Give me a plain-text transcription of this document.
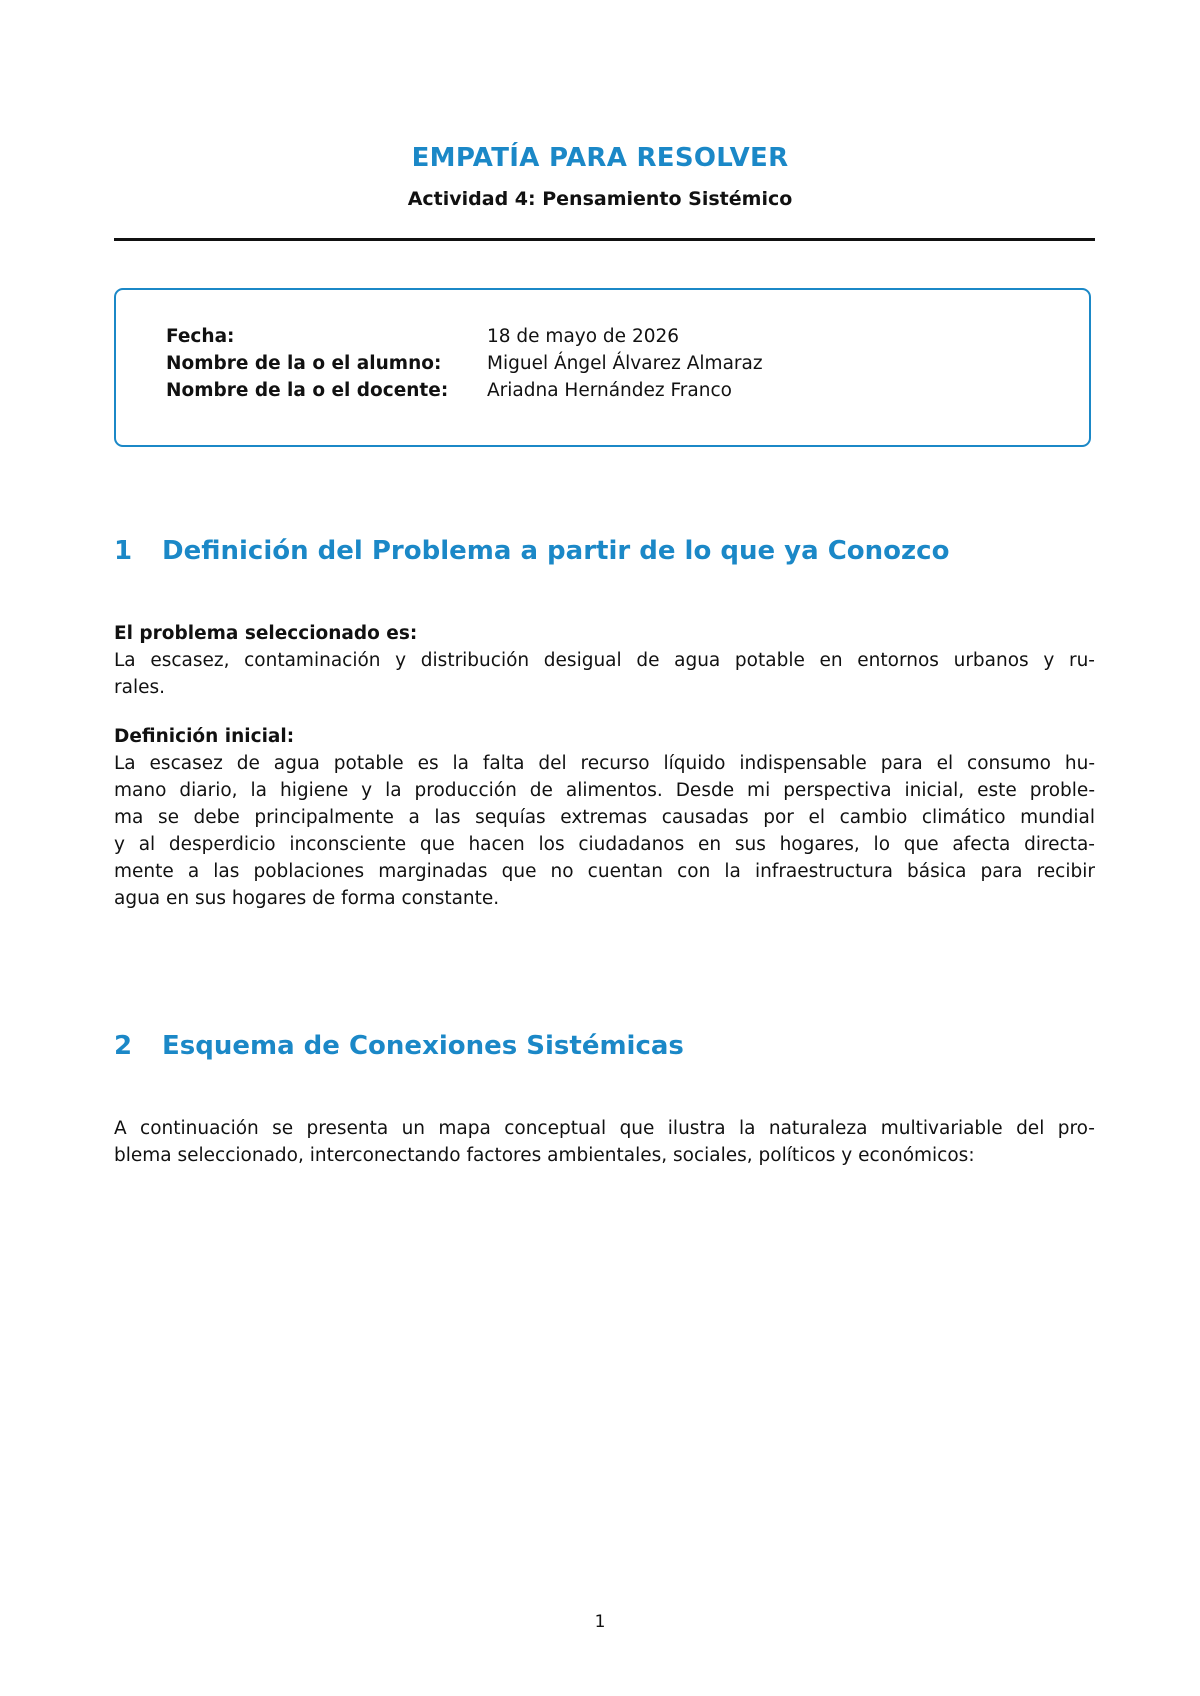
EMPATÍA PARA RESOLVER
Actividad 4: Pensamiento Sistémico
Fecha:	18 de mayo de 2026
Nombre de la o el alumno: Miguel Ángel Álvarez Almaraz
Nombre de la o el docente: Ariadna Hernández Franco
1 Definición del Problema a partir de lo que ya Conozco
El problema seleccionado es:
La escasez, contaminación y distribución desigual de agua potable en entornos urbanos y ru-
rales.
Definición inicial:
La escasez de agua potable es la falta del recurso líquido indispensable para el consumo hu-
mano diario, la higiene y la producción de alimentos. Desde mi perspectiva inicial, este proble-
ma se debe principalmente a las sequías extremas causadas por el cambio climático mundial
y al desperdicio inconsciente que hacen los ciudadanos en sus hogares, lo que afecta directa-
mente a las poblaciones marginadas que no cuentan con la infraestructura básica para recibir
agua en sus hogares de forma constante.
2 Esquema de Conexiones Sistémicas
A continuación se presenta un mapa conceptual que ilustra la naturaleza multivariable del pro-
blema seleccionado, interconectando factores ambientales, sociales, políticos y económicos:
1
